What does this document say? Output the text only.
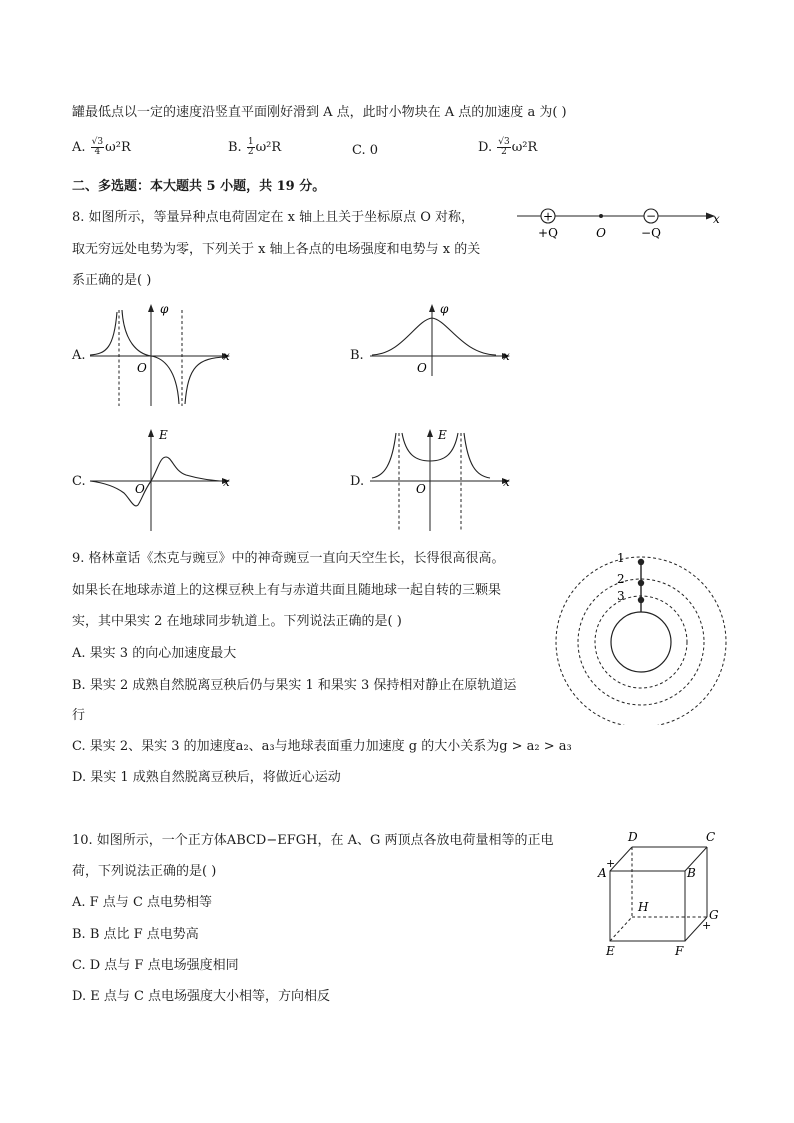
罐最低点以一定的速度沿竖直平面刚好滑到 A 点，此时小物块在 A 点的加速度 a 为( )
A. $\frac{√3}{4} \omega^2R$	B. $\frac{1}{2} \omega^2R$	C. 0	D. $\frac{√3}{2} \omega^2R$
二、多选题：本大题共 5 小题，共 19 分。
8. 如图所示，等量异种点电荷固定在 x 轴上且关于坐标原点 O 对称，
取无穷远处电势为零，下列关于 x 轴上各点的电场强度和电势与 x 的关
系正确的是( )
+	−
+Q	O	−Q
x
A.
φ
x
O
B.
φ
x
O
C.
E
x
O	D.
E
x
O
9. 格林童话《杰克与豌豆》中的神奇豌豆一直向天空生长，长得很高很高。
如果长在地球赤道上的这棵豆秧上有与赤道共面且随地球一起自转的三颗果
实，其中果实 2 在地球同步轨道上。下列说法正确的是( )
A. 果实 3 的向心加速度最大
B. 果实 2 成熟自然脱离豆秧后仍与果实 1 和果实 3 保持相对静止在原轨道运
行
C. 果实 2、果实 3 的加速度a₂、a₃与地球表面重力加速度 g 的大小关系为g > a₂ > a₃
D. 果实 1 成熟自然脱离豆秧后，将做近心运动
1
2
3
10. 如图所示，一个正方体ABCD−EFGH，在 A、G 两顶点各放电荷量相等的正电
荷，下列说法正确的是( )
A. F 点与 C 点电势相等
B. B 点比 F 点电势高
C. D 点与 F 点电场强度相同
D. E 点与 C 点电场强度大小相等，方向相反
D	C
A
+
B
H
G
+
E	F
